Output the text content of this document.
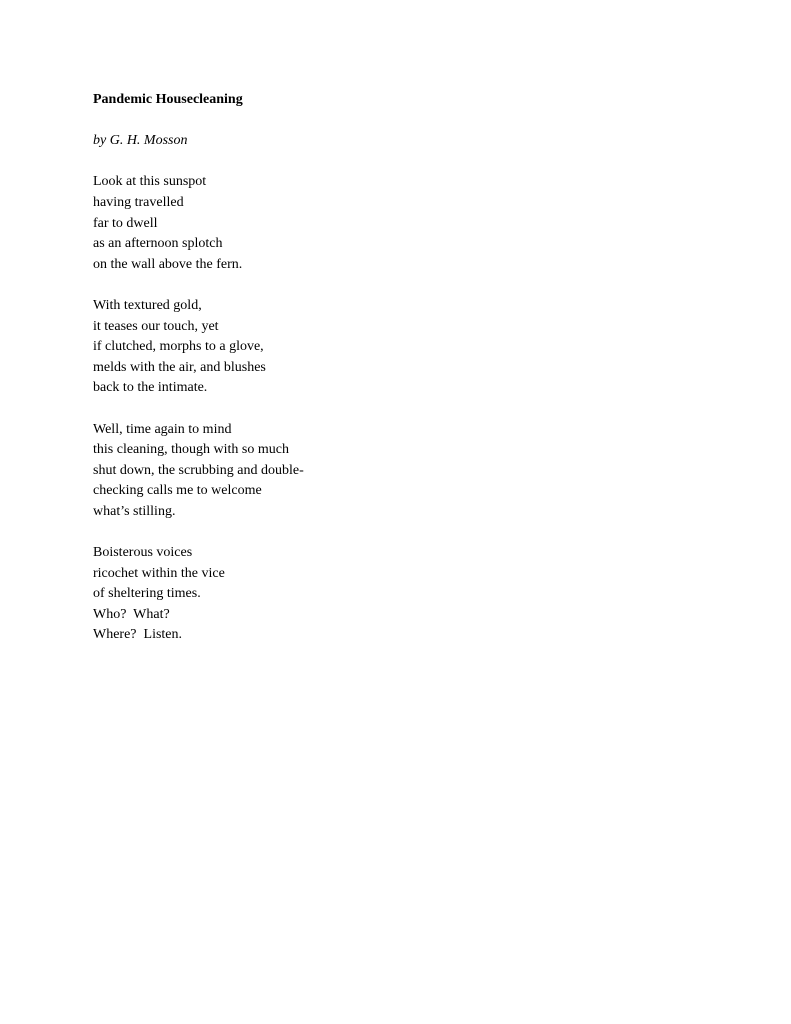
Pandemic Housecleaning

by G. H. Mosson

Look at this sunspot
having travelled
far to dwell
as an afternoon splotch
on the wall above the fern.
With textured gold,
it teases our touch, yet
if clutched, morphs to a glove,
melds with the air, and blushes
back to the intimate.
Well, time again to mind
this cleaning, though with so much
shut down, the scrubbing and double-
checking calls me to welcome
what’s stilling.
Boisterous voices
ricochet within the vice
of sheltering times.
Who?  What?
Where?  Listen.
